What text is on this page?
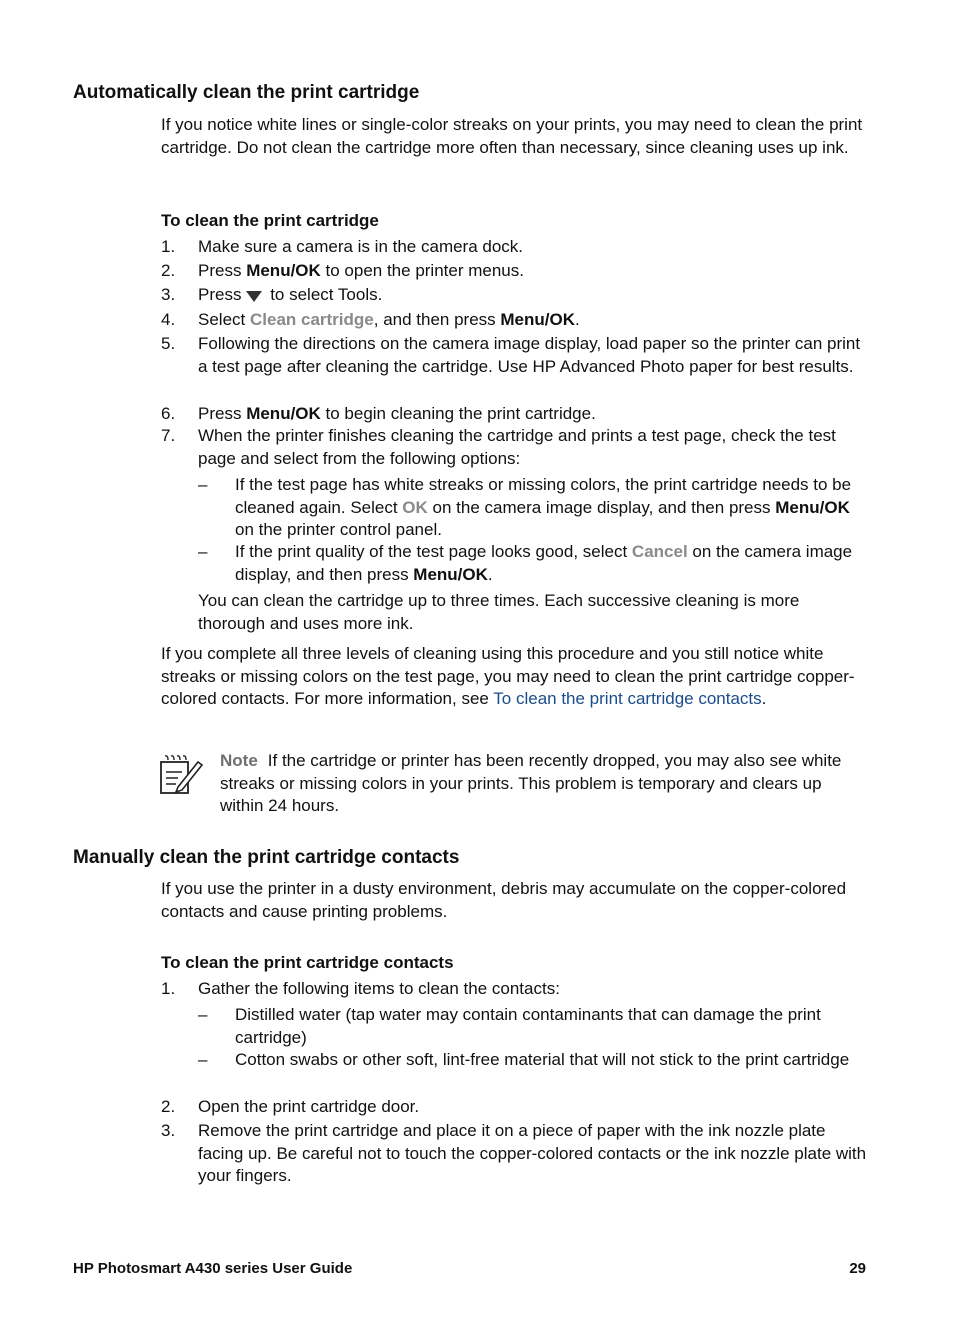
Automatically clean the print cartridge

If you notice white lines or single-color streaks on your prints, you may need to clean the print cartridge. Do not clean the cartridge more often than necessary, since cleaning uses up ink.

To clean the print cartridge
1.	Make sure a camera is in the camera dock.
2.	Press Menu/OK to open the printer menus.
3.	Press to select Tools.
4.	Select Clean cartridge, and then press Menu/OK.
5.	Following the directions on the camera image display, load paper so the printer can print a test page after cleaning the cartridge. Use HP Advanced Photo paper for best results.
6.	Press Menu/OK to begin cleaning the print cartridge.
7.	When the printer finishes cleaning the cartridge and prints a test page, check the test page and select from the following options:
– If the test page has white streaks or missing colors, the print cartridge needs to be cleaned again. Select OK on the camera image display, and then press Menu/OK on the printer control panel.
– If the print quality of the test page looks good, select Cancel on the camera image display, and then press Menu/OK.

You can clean the cartridge up to three times. Each successive cleaning is more thorough and uses more ink.

If you complete all three levels of cleaning using this procedure and you still notice white streaks or missing colors on the test page, you may need to clean the print cartridge copper-colored contacts. For more information, see To clean the print cartridge contacts.

Note If the cartridge or printer has been recently dropped, you may also see white streaks or missing colors in your prints. This problem is temporary and clears up within 24 hours.
Manually clean the print cartridge contacts

If you use the printer in a dusty environment, debris may accumulate on the copper-colored contacts and cause printing problems.

To clean the print cartridge contacts
1.	Gather the following items to clean the contacts:
– Distilled water (tap water may contain contaminants that can damage the print cartridge)
– Cotton swabs or other soft, lint-free material that will not stick to the print cartridge
2.	Open the print cartridge door.
3.	Remove the print cartridge and place it on a piece of paper with the ink nozzle plate facing up. Be careful not to touch the copper-colored contacts or the ink nozzle plate with your fingers.
HP Photosmart A430 series User Guide	29
